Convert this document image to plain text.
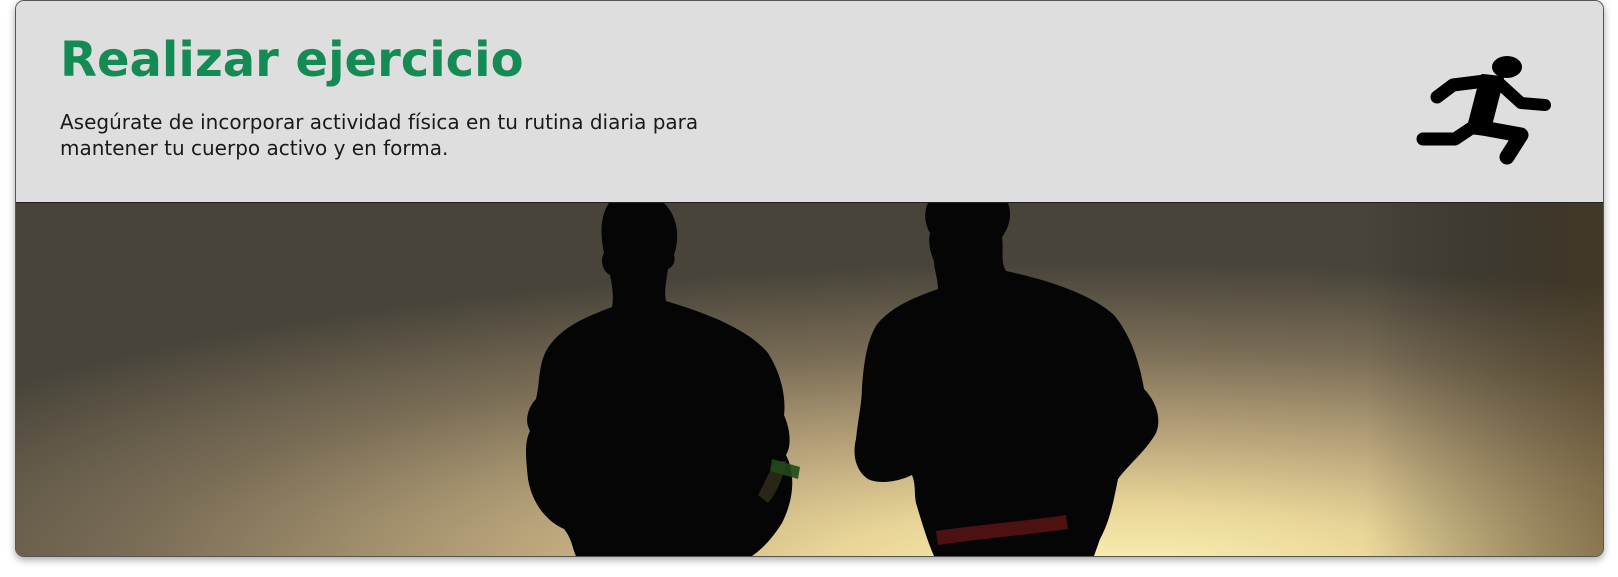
Realizar ejercicio

Asegúrate de incorporar actividad física en tu rutina diaria para mantener tu cuerpo activo y en forma.
